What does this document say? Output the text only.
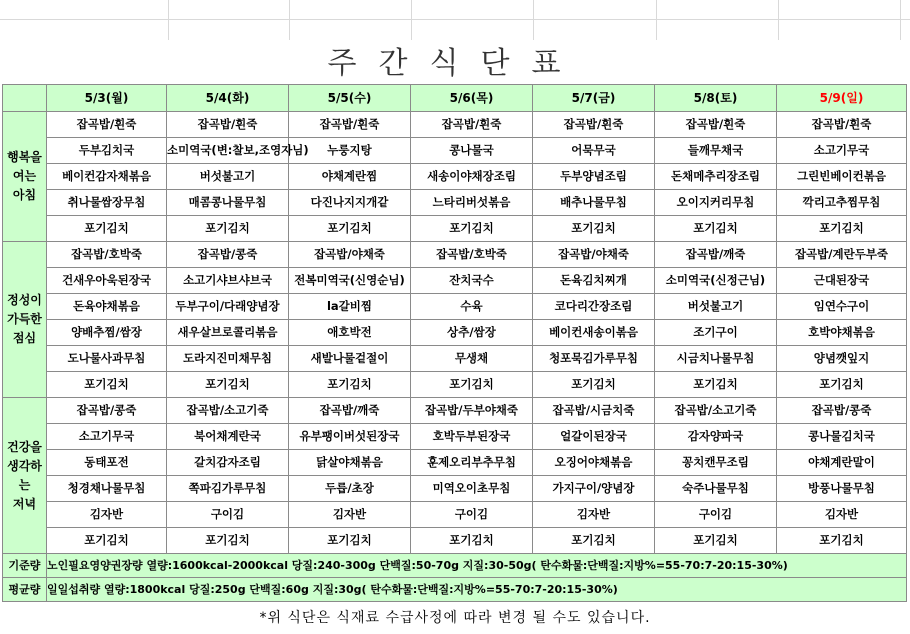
주간식단표
	5/3(월)	5/4(화)	5/5(수)	5/6(목)	5/7(금)	5/8(토)	5/9(일)

행복을
여는
아침	잡곡밥/흰죽	잡곡밥/흰죽	잡곡밥/흰죽	잡곡밥/흰죽	잡곡밥/흰죽	잡곡밥/흰죽	잡곡밥/흰죽
	두부김치국	소미역국(변:찰보,조영자님)	누룽지탕	콩나물국	어묵무국	들깨무채국	소고기무국
	베이컨감자채볶음	버섯불고기	야채계란찜	새송이야채장조림	두부양념조림	돈채메추리장조림	그린빈베이컨볶음
	취나물쌈장무침	매콤콩나물무침	다진나지지개같	느타리버섯볶음	배추나물무침	오이지커리무침	깍리고추찜무침
	포기김치	포기김치	포기김치	포기김치	포기김치	포기김치	포기김치

정성이
가득한
점심	잡곡밥/호박죽	잡곡밥/콩죽	잡곡밥/야채죽	잡곡밥/호박죽	잡곡밥/야채죽	잡곡밥/깨죽	잡곡밥/계란두부죽
	건새우아욱된장국	소고기샤브샤브국	전복미역국(신영순님)	잔치국수	돈육김치찌개	소미역국(신정근님)	근대된장국
	돈육야채볶음	두부구이/다래양념장	la갈비찜	수육	코다리간장조림	버섯불고기	임연수구이
	양배추찜/쌈장	새우살브로콜리볶음	애호박전	상추/쌈장	베이컨새송이볶음	조기구이	호박야채볶음
	도나물사과무침	도라지진미채무침	새발나물겉절이	무생채	청포묵김가루무침	시금치나물무침	양념깻잎지
	포기김치	포기김치	포기김치	포기김치	포기김치	포기김치	포기김치

건강을
생각하는
저녁	잡곡밥/콩죽	잡곡밥/소고기죽	잡곡밥/깨죽	잡곡밥/두부야채죽	잡곡밥/시금치죽	잡곡밥/소고기죽	잡곡밥/콩죽
	소고기무국	북어채계란국	유부팽이버섯된장국	호박두부된장국	얼갈이된장국	감자양파국	콩나물김치국
	동태포전	갈치감자조림	닭살야채볶음	훈제오리부추무침	오징어야채볶음	꽁치캔무조림	야채계란말이
	청경채나물무침	쪽파김가루무침	두릅/초장	미역오이초무침	가지구이/양념장	숙주나물무침	방풍나물무침
	김자반	구이김	김자반	구이김	김자반	구이김	김자반
	포기김치	포기김치	포기김치	포기김치	포기김치	포기김치	포기김치
기준량	노인필요영양권장량 열량:1600kcal-2000kcal 당질:240-300g 단백질:50-70g 지질:30-50g( 탄수화물:단백질:지방%=55-70:7-20:15-30%)						
평균량	일일섭취량 열량:1800kcal 당질:250g 단백질:60g 지질:30g( 탄수화물:단백질:지방%=55-70:7-20:15-30%)						
*위 식단은 식재료 수급사정에 따라 변경 될 수도 있습니다.
